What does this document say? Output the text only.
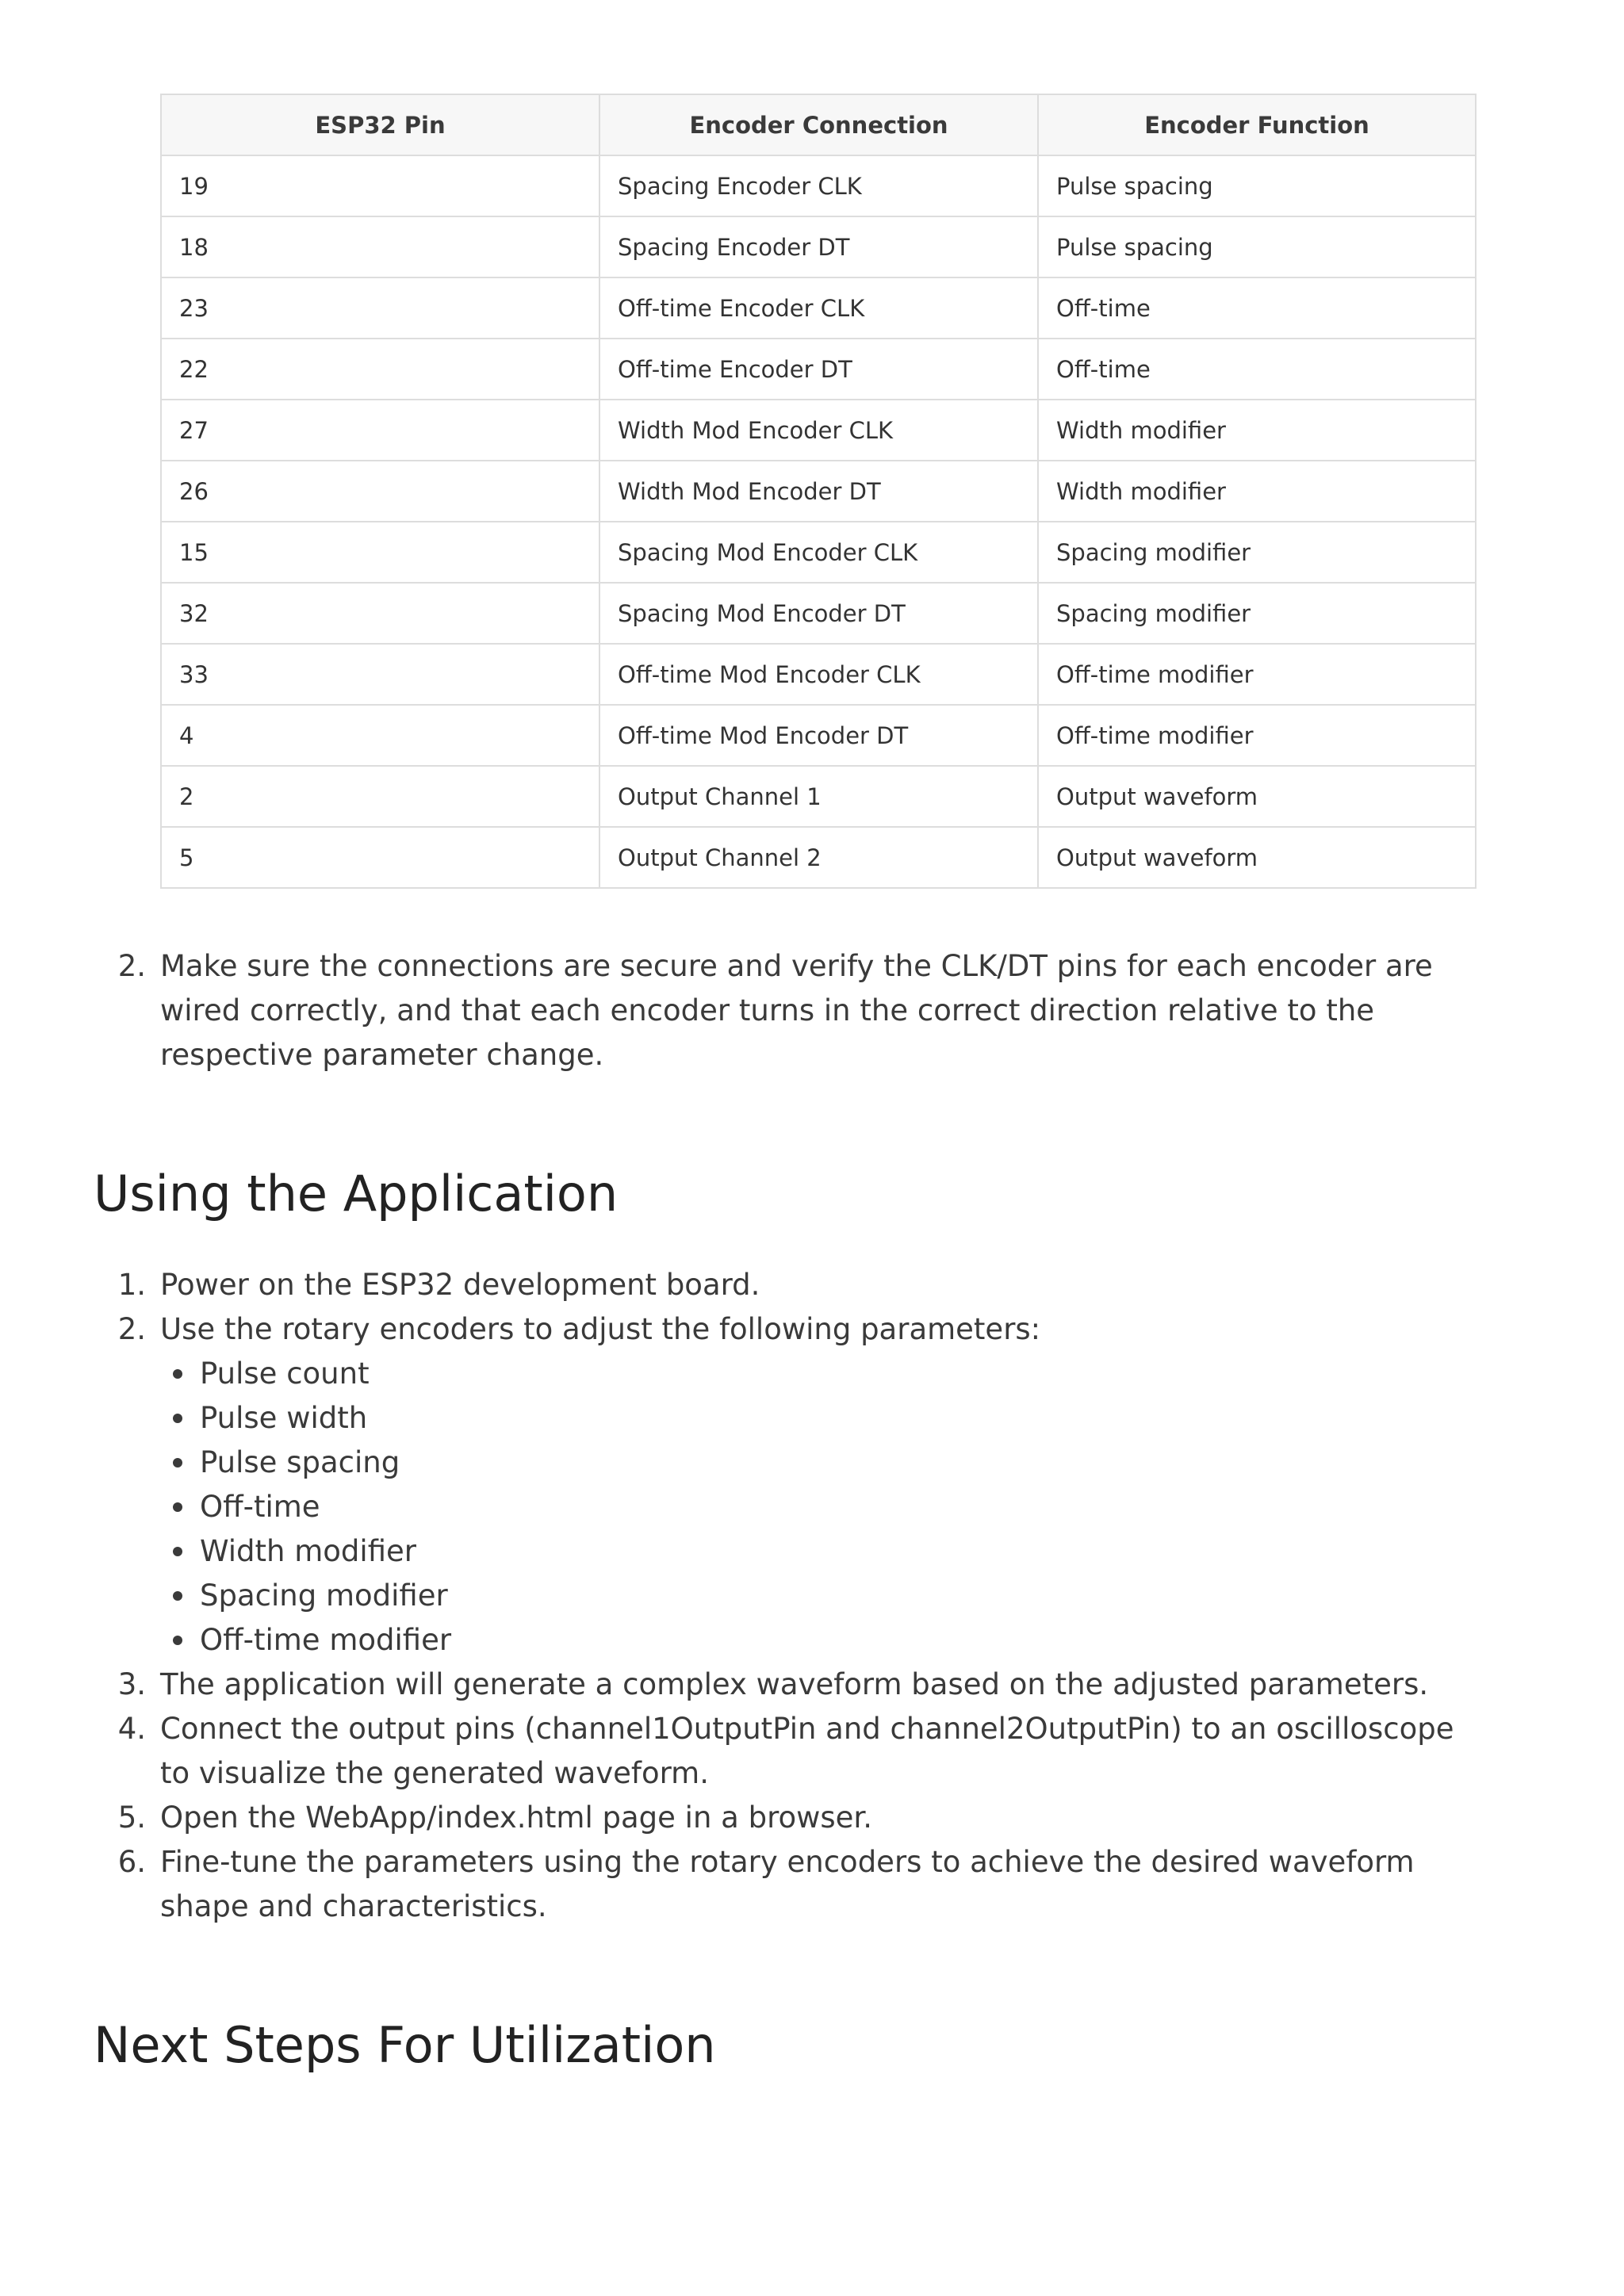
ESP32 Pin	Encoder Connection	Encoder Function
19	Spacing Encoder CLK	Pulse spacing
18	Spacing Encoder DT	Pulse spacing
23	Off-time Encoder CLK	Off-time
22	Off-time Encoder DT	Off-time
27	Width Mod Encoder CLK	Width modifier
26	Width Mod Encoder DT	Width modifier
15	Spacing Mod Encoder CLK	Spacing modifier
32	Spacing Mod Encoder DT	Spacing modifier
33	Off-time Mod Encoder CLK	Off-time modifier
4	Off-time Mod Encoder DT	Off-time modifier
2	Output Channel 1	Output waveform
5	Output Channel 2	Output waveform
2. Make sure the connections are secure and verify the CLK/DT pins for each encoder are wired correctly, and that each encoder turns in the correct direction relative to the respective parameter change.
Using the Application
1. Power on the ESP32 development board.
2. Use the rotary encoders to adjust the following parameters:
Pulse count
Pulse width
Pulse spacing
Off-time
Width modifier
Spacing modifier
Off-time modifier
3. The application will generate a complex waveform based on the adjusted parameters.
4. Connect the output pins (channel1OutputPin and channel2OutputPin) to an oscilloscope to visualize the generated waveform.
5. Open the WebApp/index.html page in a browser.
6. Fine-tune the parameters using the rotary encoders to achieve the desired waveform shape and characteristics.
Next Steps For Utilization
